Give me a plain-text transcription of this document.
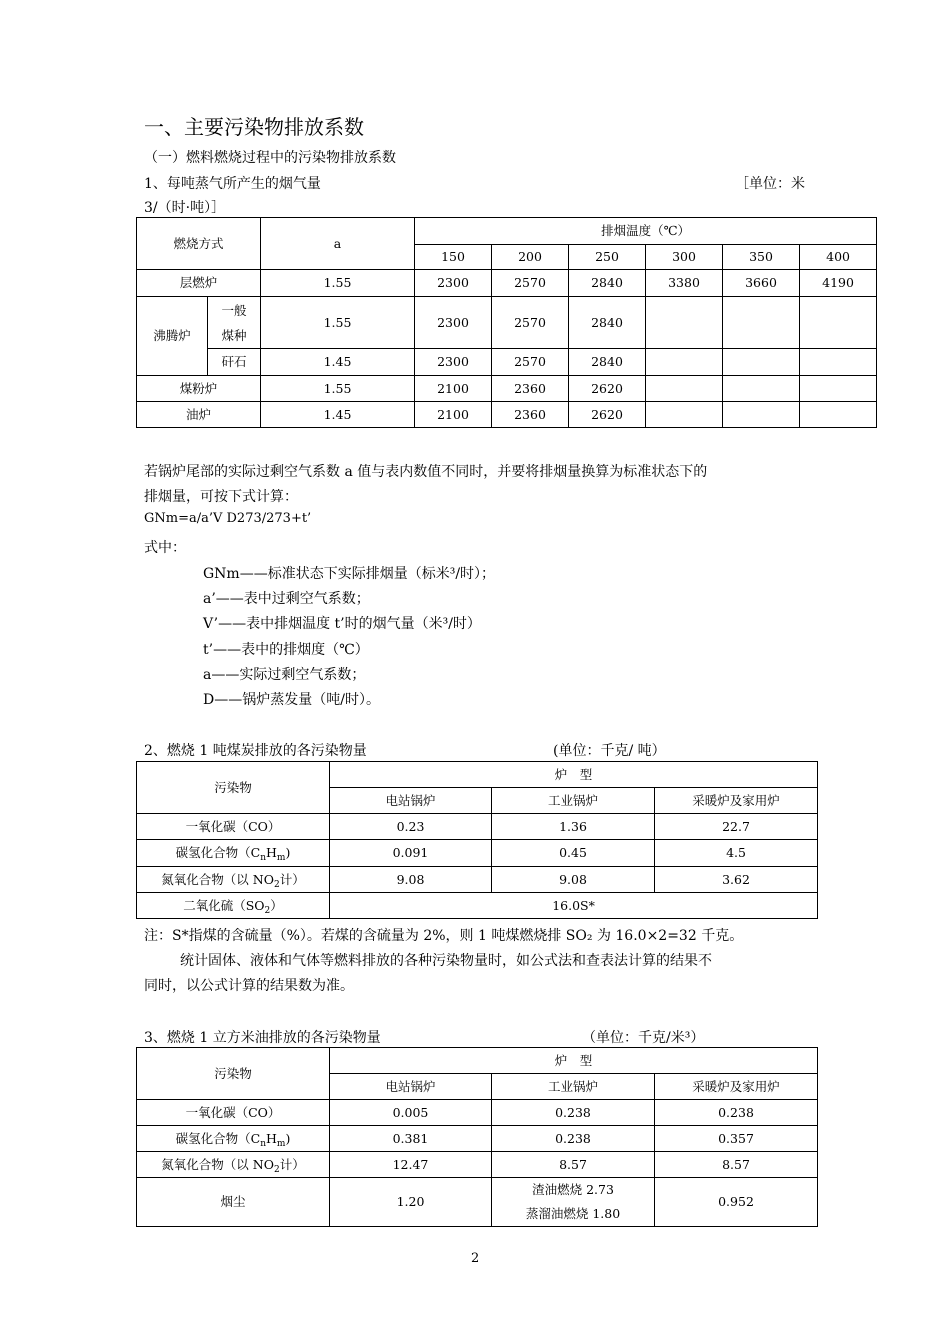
一、主要污染物排放系数
（一）燃料燃烧过程中的污染物排放系数
1、每吨蒸气所产生的烟气量	［单位：米
3/（时·吨）］
燃烧方式		a	排烟温度（℃）					
			150	200	250	300	350	400
层燃炉		1.55	2300	2570	2840	3380	3660	4190
沸腾炉	一般煤种	1.55	2300	2570	2840			
	矸石	1.45	2300	2570	2840			
煤粉炉		1.55	2100	2360	2620			
油炉		1.45	2100	2360	2620			
若锅炉尾部的实际过剩空气系数 a 值与表内数值不同时，并要将排烟量换算为标准状态下的
排烟量，可按下式计算：
GNm=a/a’V D273/273+t’
式中：
GNm——标准状态下实际排烟量（标米³/时）；
a’——表中过剩空气系数；
V’——表中排烟温度 t’时的烟气量（米³/时）
t’——表中的排烟度（℃）
a——实际过剩空气系数；
D——锅炉蒸发量（吨/时）。
2、燃烧 1 吨煤炭排放的各污染物量	(单位：千克/ 吨）
污染物	炉　型		
	电站锅炉	工业锅炉	采暖炉及家用炉
一氧化碳（CO）	0.23	1.36	22.7
碳氢化合物$(C_nH_m)$	0.091	0.45	4.5
氮氧化合物（以 $NO_2$计）	9.08	9.08	3.62
二氧化硫$(SO_2)$	16.0S*		
注：S*指煤的含硫量（%）。若煤的含硫量为 2%，则 1 吨煤燃烧排 SO₂ 为 16.0×2=32 千克。
统计固体、液体和气体等燃料排放的各种污染物量时，如公式法和查表法计算的结果不
同时，以公式计算的结果数为准。
3、燃烧 1 立方米油排放的各污染物量	（单位：千克/米³）
污染物	炉　型		
	电站锅炉	工业锅炉	采暖炉及家用炉
一氧化碳（CO）	0.005	0.238	0.238
碳氢化合物$(C_nH_m)$	0.381	0.238	0.357
氮氧化合物（以 $NO_2$计）	12.47	8.57	8.57
烟尘	1.20	渣油燃烧 2.73
蒸溜油燃烧 1.80	0.952
2
